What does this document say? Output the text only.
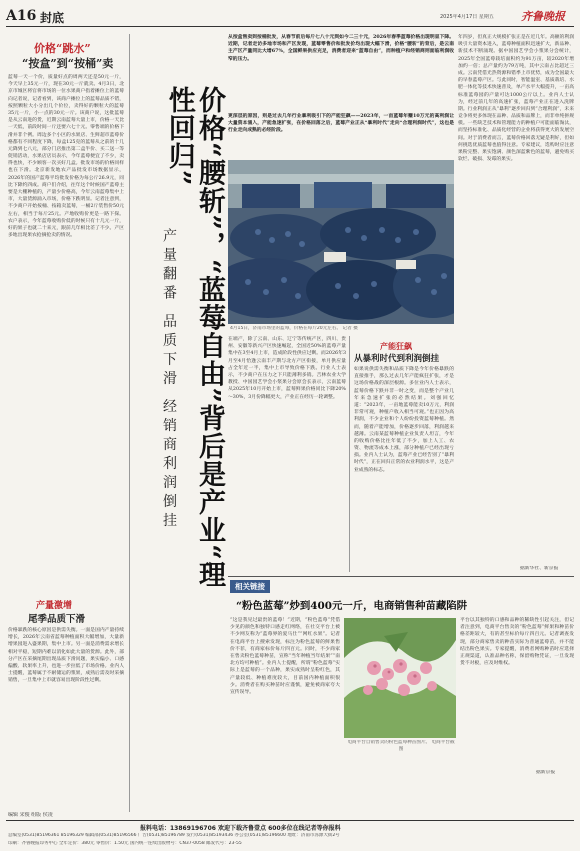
A16 封底	2025年4月17日 星期五	齐鲁晚报
价格“跳水”
“按盒”到“按桶”卖
蓝莓一天一个价，质量好点的周两天还是50元一斤，今天早上35元一斤，现在30元一斤就卖。4月3日，北京市城区将官将市场的一位水果商户指着摊位上的蓝莓向记者说，记者看到，该商户摊位上的蓝莓品质不错，按照颗粒大小分出几个价位，卖得好的颗粒大的蓝莓35元一斤，小一点的30元一斤。该商户说，这批蓝莓是从云南进的货，近期云南蓝莓大量上市，价格一天比一天低，前段时间一斤还要六七十元。零售端的价格下滑并非个例。周边多个小区的水果店、生鲜超市蓝莓价格都有不同程度下降，每盒125克的蓝莓从之前的十几元降到七八元，部分门店推出第二盒半价、买二送一等促销活动，水果店店员表示，今年蓝莓便宜了不少，卖得也快，不少顾客一次买好几盒。批发市场的价格同样也在下滑。北京新发地农产品批发市场数据显示，2026年的国产蓝莓平均批发价格为每公斤26.9元，同比下降约四成。商户们介绍，往年这个时候国产蓝莓主要是大棚种植的，产量少价格高，今年云南蓝莓集中上市，大量货源涌入市场，价格下跌明显。记者注意到，不少商户开始按桶、按箱卖蓝莓，一桶2斤装售价50元左右，相当于每斤25元。产地收购价更是一路下探。农户表示，今年蓝莓收购价低的时候只有十几元一斤，好的果子也就二十来元，跟前几年相比差了不少。产区多地出现果农抢摘抢卖的情况。
产量激增
尾季品质下滑
价格暴跌的核心原因是供需失衡。一面是国内产量持续增长，2026年云南省蓝莓种植面积大幅增加，大量新增果园进入盛果期，集中上市。另一面是消费需求增长相对平稳，短期内难以消化如此大量的货源。此外，部分产区在采摘尾期出现品质下滑问题，果实偏小、口感偏酸、软果率上升，也进一步拉低了市场价格。业内人士提醒，蓝莓属于不耐储运的浆果，成熟后需及时采摘销售，一旦集中上市就容易出现阶段性过剩。
价格“腰斩”，“蓝莓自由”背后是产业“理性回归”
产量翻番 品质下滑 经销商利润倒挂
从按盒售卖到按桶批发，从春节前后每斤七八十元到如今二三十元，2026年春季蓝莓价格出现明显下降。近期，记者走访多地市场和产区发现，蓝莓零售价和批发价均出现大幅下滑，价格“腰斩”的背后，是云南主产区产量同比大增67%，全国鲜果供应充足，消费者迎来“蓝莓自由”，而种植户和经销商则面临利润收窄的压力。
更深层的原因，则是过去几年行业暴利吸引下的产能狂飙——2023年，一亩蓝莓年赚10万元的高利润让大量资本涌入，产能急速扩张，在价格回落之后，蓝莓产业正从“暴利时代”走向“合理利润时代”，这也是行业走向成熟的必经阶段。
4月15日，济南市场里的蓝莓，价格在每斤20元左右。 记者 摄
在端产，除了云南、山东、辽宁等传统产区，四川、贵州、安徽等新兴产区快速崛起，全国近50%的蓝莓产量集中在3至4月上市，造成阶段性供应过剩。而2026年3月至4月恰逢云南丰产期与北方产区衔接，单月供应量占全年近一半，集中上市导致价格下跌。行业人士表示，不少商户在压力之下只能薄利多销。吉林农业大学教授、中国园艺学会小浆果分会原会长表示，云南蓝莓从2025年10月开始上市，蓝莓鲜果价格同比下降20%～30%，3月份降幅更大，产业正在经历一轮调整。
年四岁，但真正大规模扩张正是在近几年。高额的利润吸引大量资本进入，蓝莓种植面积迅速扩大，新品种、新技术不断涌现。据中国园艺学会小浆果分会统计，2025年全国蓝莓栽培面积约为91万亩，较2020年增加约一倍；总产量约为79万吨，其中云南占比超过三成。云南凭借光热资源和错季上市优势，成为全国最大的早春蓝莓产区。与此同时，智能温室、基质栽培、水肥一体化等技术快速普及，单产水平大幅提升，一亩高标准蓝莓园的产量可达1000公斤以上。业内人士认为，经过前几年的高速扩张，蓝莓产业正在进入洗牌期。行业利润正从“暴利”逐步回归到“合理利润”，未来竞争将更多体现在品种、品质和品牌上，而非单纯拼规模。一些缺乏技术和管理能力的种植户可能面临淘汰，而坚持标准化、品质化经营的企业将获得更大的发展空间。对于消费者而言，蓝莓价格回落无疑是利好，但如何挑选优质蓝莓也值得注意。专家建议，选购时应注意果粉完整、果实饱满、颜色深蓝紫色的蓝莓，避免购买软烂、破损、发霉的果实。
据新华社、新京报
产能狂飙
从暴利时代到利润倒挂
如果说供需失衡和品质下降是今年价格暴跌的直接推手，那么过去几年产能疯狂扩张，才是这场价格战的深层根源。多位业内人士表示，蓝莓价格下跌并非一时之变，而是整个产业几年来急速扩张的必然结果。刘强回忆道：“2023年，一亩地蓝莓能卖10万元，利润非常可观，种植户收入相当可观。”也正因为高利润，不少企业和个人纷纷投资蓝莓种植。然而，随着产能增加，价格逐步回落，利润越来越薄。云南某蓝莓种植企业负责人坦言，今年的收购价格比往年低了不少，加上人工、农资、物流等成本上涨，部分种植户已经出现亏损。业内人士认为，蓝莓产业已经告别了“暴利时代”，正在回归正常的农业利润水平，这是产业成熟的标志。
相关链接
“粉色蓝莓”炒到400元一斤，电商销售种苗藏陷阱
“这是我见过最贵的蓝莓！”近期，“粉色蓝莓”凭借少见的颜色和独特口感走红网络，在社交平台上被不少网友称为“蓝莓界的爱马仕”“网红水果”。记者在电商平台上搜索发现，标注为粉色蓝莓的鲜果售价不菲，有商家标价每斤四百元。同时，不少商家在售卖粉色蓝莓种苗，宣称“当年种植当年结果”“南北方均可种植”。业内人士提醒，所谓“粉色蓝莓”实际上是蓝莓的一个品种，果实成熟时呈粉红色，其产量较低、种植难度较大，目前国内种植面积很少。消费者在购买种苗时应谨慎，避免被商家夸大宣传误导。
电商平台自销售卖的粉色蓝莓种苗图片。 电商平台截图
平台以其独特的口感和品种的稀缺性引起关注，但记者注意到，电商平台售卖的“粉色蓝莓”鲜果和种苗价格差距较大，有的甚至标价每斤四百元。记者调查发现，部分商家售卖的种苗实际为普通蓝莓苗，并不能结出粉色果实。专家提醒，消费者网购种苗时应选择正规渠道，认准品种名称，保留购物凭证，一旦发现货不对板，应及时维权。
据新京报
编辑 宋俊 组版 侯凌
报料电话：13869196706 欢迎下载齐鲁壹点 600多位在线记者等你报料
总编室(0531)85196361 85196329 编辑部(0531)85196566 广告(0531)85196789 发行(0531)85193436 办公室(0531)85196600 地址：济南市泺源大街2号
印刷：齐鲁晚报印务中心 全年定价：380元 零售价：1.50元 国内统一连续出版物号：CN37-0058 邮发代号：23-55
